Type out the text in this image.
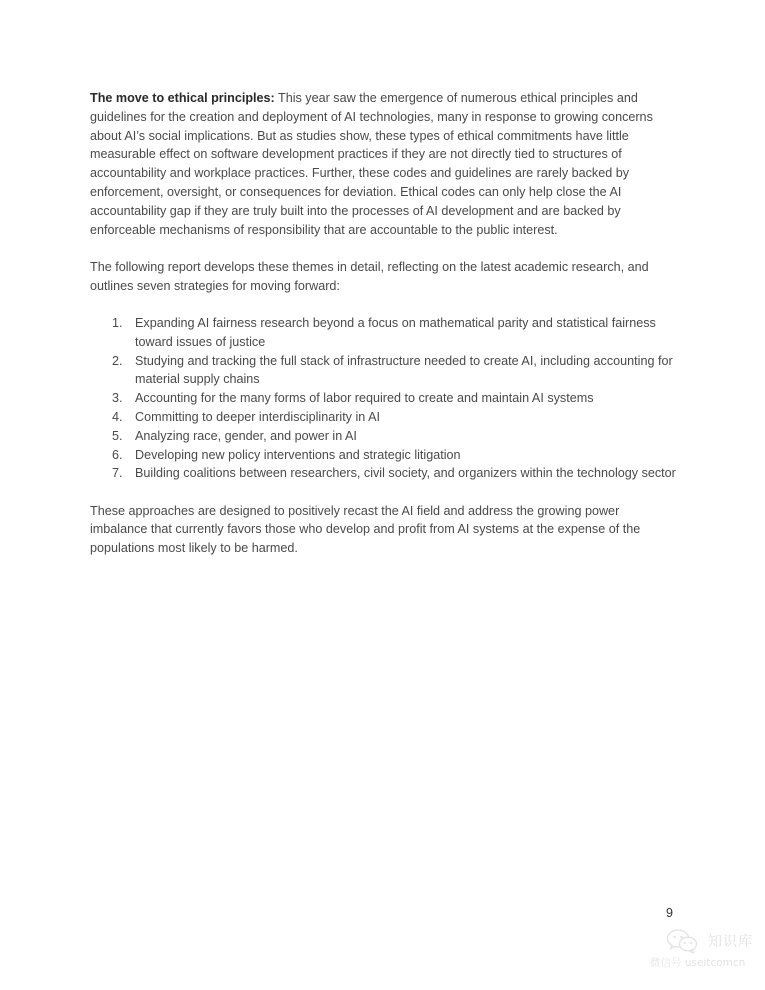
The move to ethical principles: This year saw the emergence of numerous ethical principles and guidelines for the creation and deployment of AI technologies, many in response to growing concerns about AI’s social implications. But as studies show, these types of ethical commitments have little measurable effect on software development practices if they are not directly tied to structures of accountability and workplace practices. Further, these codes and guidelines are rarely backed by enforcement, oversight, or consequences for deviation. Ethical codes can only help close the AI accountability gap if they are truly built into the processes of AI development and are backed by enforceable mechanisms of responsibility that are accountable to the public interest.

The following report develops these themes in detail, reflecting on the latest academic research, and outlines seven strategies for moving forward:

1. Expanding AI fairness research beyond a focus on mathematical parity and statistical fairness toward issues of justice
2. Studying and tracking the full stack of infrastructure needed to create AI, including accounting for material supply chains
3. Accounting for the many forms of labor required to create and maintain AI systems
4. Committing to deeper interdisciplinarity in AI
5. Analyzing race, gender, and power in AI
6. Developing new policy interventions and strategic litigation
7. Building coalitions between researchers, civil society, and organizers within the technology sector

These approaches are designed to positively recast the AI field and address the growing power imbalance that currently favors those who develop and profit from AI systems at the expense of the populations most likely to be harmed.

9
知识库
微信号 useitcomcn
